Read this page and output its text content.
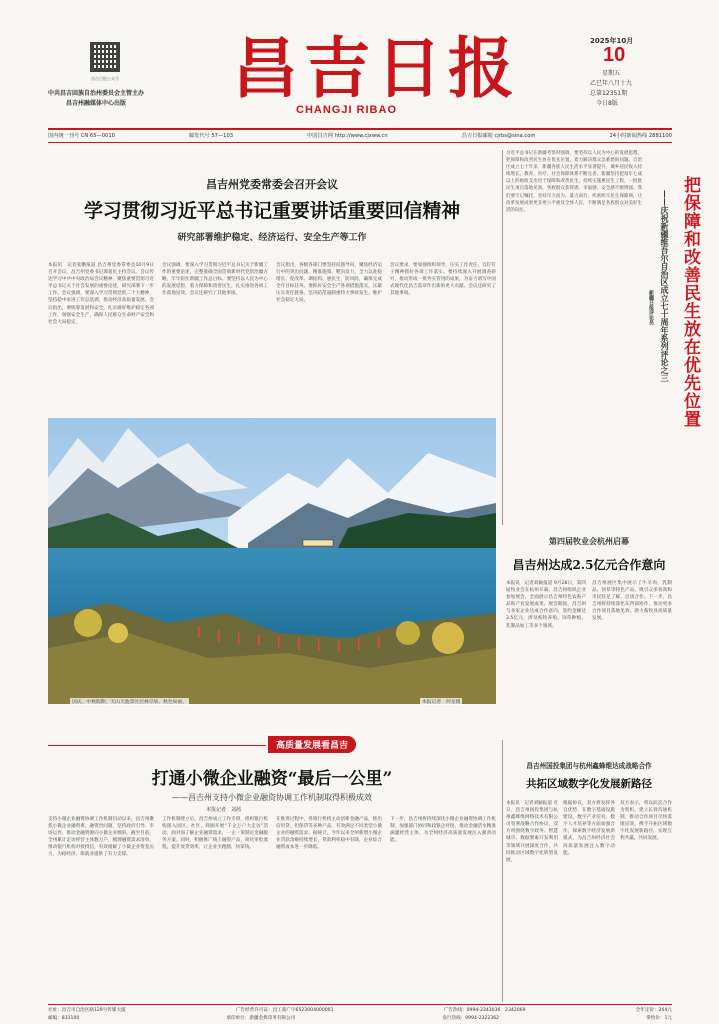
昌吉日报公众号
中共昌吉回族自治州委员会主管主办
昌吉州融媒体中心出版	昌吉日报
CHANGJI RIBAO
2025年10月
10
星期五
乙巳年八月十九
总第12351期
今日8版
国内统一刊号 CN 65—0010	邮发代号 57—103	中国昌吉网 http://www.cjxww.cn	昌吉日报邮箱 cjrbs@sina.com	24小时新闻热线 2881100
昌吉州党委常委会召开会议
学习贯彻习近平总书记重要讲话重要回信精神
研究部署维护稳定、经济运行、安全生产等工作
本报讯　记者张鹏报道 昌吉州党委常委会10月9日召开会议，昌吉州党委书记谭超民主持会议。会议传达学习中共中央政治局会议精神，聚焦重要贯彻习近平总书记关于社会发展的重要论述，研究部署下一步工作。会议强调，要深入学习贯彻党的二十大精神，坚持稳中求进工作总基调，推动经济高质量发展。会议指出，要统筹发展和安全，扎实做好维护稳定各项工作，加强安全生产，确保人民群众生命财产安全和社会大局稳定。
会议强调，要深入学习贯彻习近平总书记关于新疆工作的重要论述，完整准确全面贯彻新时代党的治疆方略，牢牢扭住新疆工作总目标。要坚持以人民为中心的发展思想，着力保障和改善民生，扎实推进各项工作落地见效。会议还研究了其他事项。
会议指出，各级各部门要坚持问题导向，聚焦经济运行中的突出问题，精准施策、靶向发力，全力以赴稳增长、促改革、调结构、惠民生、防风险，确保完成全年目标任务。要抓好安全生产各项措施落实，压紧压实责任链条，坚决防范遏制重特大事故发生，维护社会稳定大局。
会议要求，要加强组织领导，压实工作责任，以钉钉子精神抓好各项工作落实。要持续深入开展调查研究，推动形成一批务实管用的成果，为奋力谱写中国式现代化昌吉篇章作出新的更大贡献。会议还研究了其他事项。
国庆、中秋假期，天山天池景区层林尽染、秋色如画。	本报记者　何龙摄
把保障和改善民生放在优先位置
——庆祝新疆维吾尔自治区成立七十周年系列评论之三
新疆日报评论员
习近平总书记在新疆考察时强调，要坚持以人民为中心的发展思想，把保障和改善民生放在优先位置，着力解决群众急难愁盼问题。自治区成立七十年来，新疆各族人民生活水平显著提升，城乡居民收入持续增长，教育、医疗、社会保障体系不断完善。新疆坚持把每年七成以上的财政支出用于保障和改善民生，持续实施惠民生工程，一批批民生项目落地见效，各族群众获得感、幸福感、安全感不断增强。我们要牢记嘱托，坚持尽力而为、量力而行，织密织牢民生保障网，让改革发展成果更多更公平惠及全体人民，不断满足各族群众对美好生活的向往。
第四届牧业会杭州启幕
昌吉州达成2.5亿元合作意向
本报讯　记者刘颖报道 9月28日，第四届牧业会在杭州开幕，昌吉州组织企业参加展会，全面展示昌吉州特色农畜产品和产业发展成果。展会期间，昌吉州与多家企业达成合作意向，签约金额达2.5亿元，涉及畜牧养殖、饲草种植、乳制品加工等多个领域。
昌吉州展区集中展示了牛羊肉、乳制品、饲草等特色产品，吸引众多客商和市民驻足了解、洽谈合作。下一步，昌吉州将持续深化东西部协作，推动更多合作项目落地见效，助力畜牧业高质量发展。
高质量发展看昌吉
打通小微企业融资“最后一公里”
——昌吉州支持小微企业融资协调工作机制取得积极成效
本报记者　刘茜
支持小微企业融资协调工作机制启动以来，昌吉州聚焦小微企业融资难、融资贵问题，坚持政府引导、市场运作，推动金融资源向小微企业倾斜。截至目前，全州累计走访经营主体数万户，梳理融资需求清单，推动银行机构对接授信，有效缓解了小微企业资金压力，为稳经济、保就业提供了有力支撑。
工作机制建立后，昌吉州成立工作专班，组织银行机构深入园区、社区、商圈开展“千企万户大走访”活动，面对面了解企业融资需求，一企一策制定金融服务方案。同时，积极推广线上融资产品，简化审批流程，提升放贷效率，让企业少跑腿、快拿钱。
在推进过程中，各银行机构主动创新金融产品，推出信用贷、担保贷等多种产品，有效满足不同类型小微企业的融资需求。据统计，今年以来全州新增小微企业贷款余额持续增长，贷款利率稳中有降，企业综合融资成本进一步降低。
下一步，昌吉州将持续深化小微企业融资协调工作机制，加强部门协同和政银企对接，推动金融活水精准滴灌经营主体，为全州经济高质量发展注入强劲动能。
昌吉州国投集团与杭州鑫蜂维达成战略合作
共拓区域数字化发展新路径
本报讯　记者刘颖报道 近日，昌吉州国投集团与杭州鑫蜂维网络技术有限公司签署战略合作协议，双方将围绕数字政务、智慧城市、数据要素开发利用等领域开展深度合作，共同推动区域数字化转型发展。
根据协议，双方将发挥各自优势，在数字基础设施建设、数字产业培育、数字人才培养等方面加强合作，探索数字经济发展新模式，为昌吉州经济社会高质量发展注入数字动能。
双方表示，将以此次合作为契机，建立长效沟通机制，推动合作项目尽快落地见效，携手开拓区域数字化发展新路径，实现互利共赢、共同发展。
社址：昌吉市自治区路129号传媒大厦	广告经营许可证：昌工商广字6523004000001	广告热线：0994-2343036　2342069	全年定价：264元
邮编：831100	承印单位：新疆金典印务有限公司	发行热线：0994-2322362	零售价：1元
